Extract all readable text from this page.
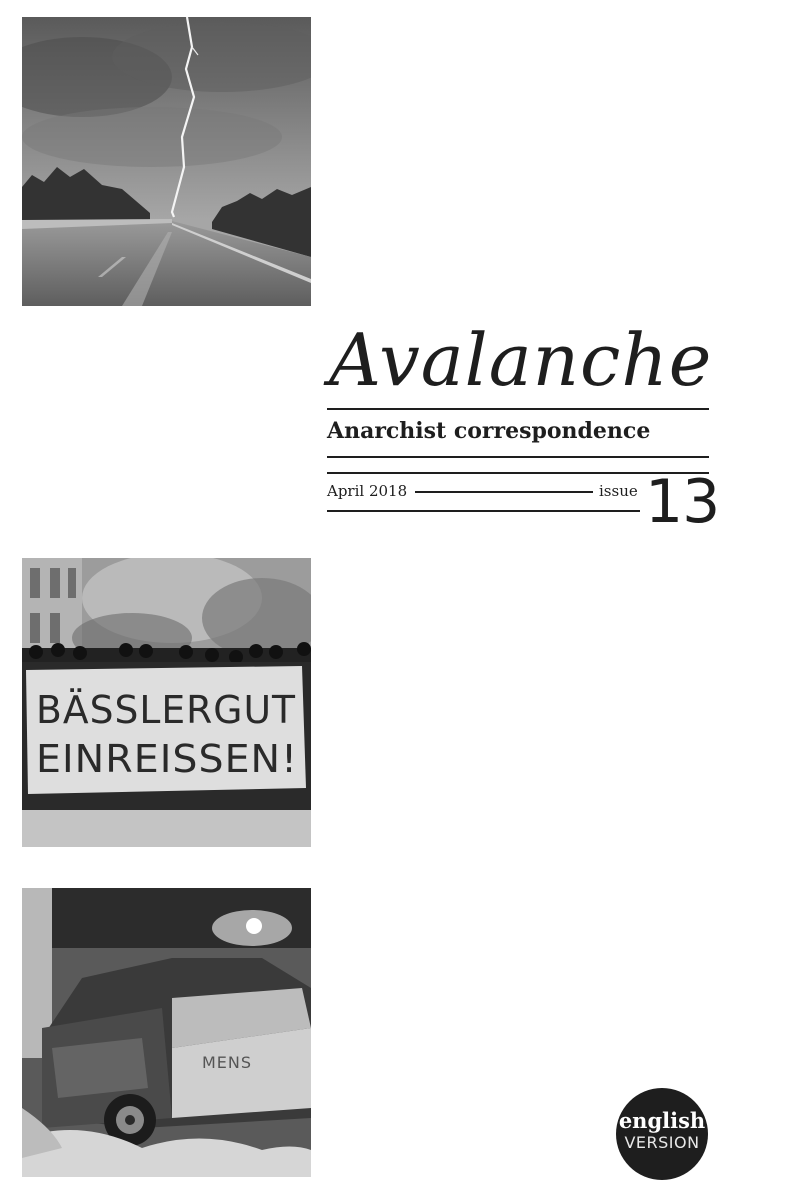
BÄSSLERGUT
EINREISSEN!
MENS
Avalanche
Anarchist correspondence
April 2018	issue 13
english
VERSION
